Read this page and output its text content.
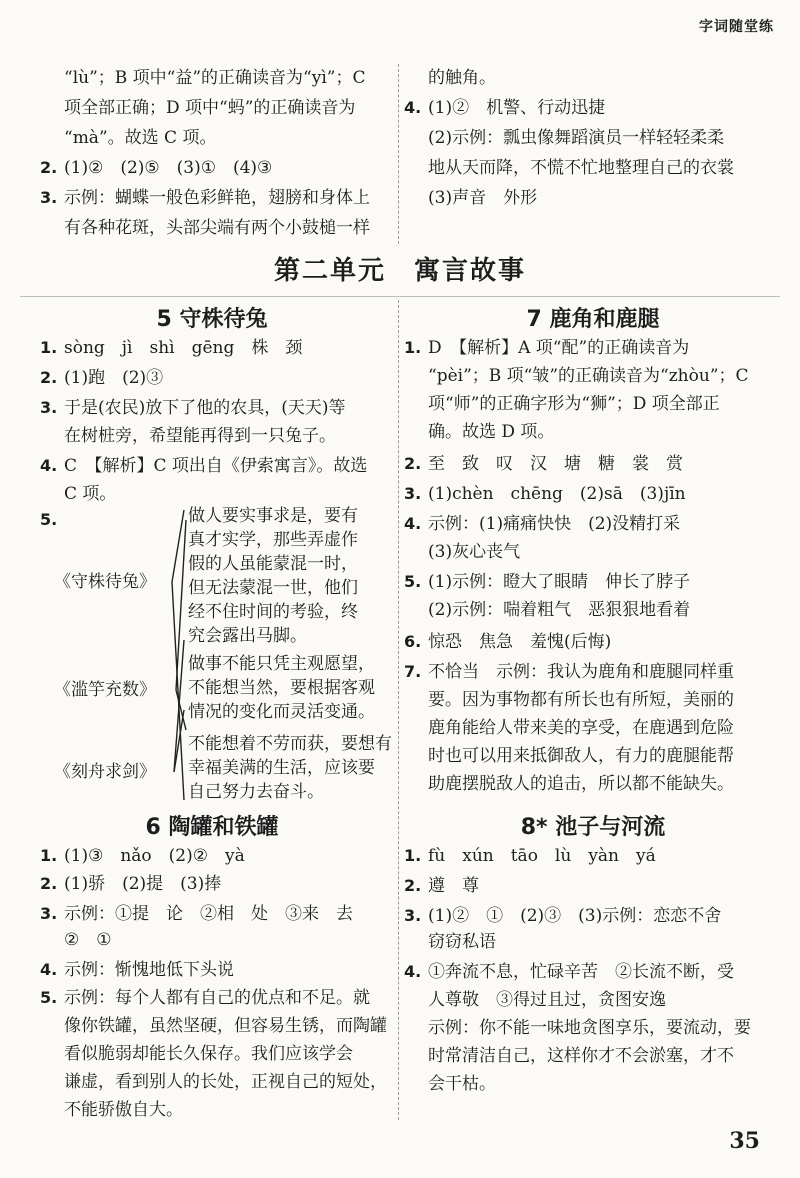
字词随堂练
“lù”；B 项中“益”的正确读音为“yì”；C
项全部正确；D 项中“蚂”的正确读音为
“mà”。故选 C 项。
2. (1)②　(2)⑤　(3)①　(4)③
3. 示例：蝴蝶一般色彩鲜艳，翅膀和身体上
有各种花斑，头部尖端有两个小鼓槌一样
的触角。
4. (1)②　机警、行动迅捷
(2)示例：瓢虫像舞蹈演员一样轻轻柔柔
地从天而降，不慌不忙地整理自己的衣裳
(3)声音　外形
第二单元　寓言故事
5 守株待兔
1. sòng　jì　shì　gēng　株　颈
2. (1)跑　(2)③
3. 于是(农民)放下了他的农具，(天天)等
在树桩旁，希望能再得到一只兔子。
4. C　【解析】C 项出自《伊索寓言》。故选
C 项。
5.
《守株待兔》
《滥竽充数》
《刻舟求剑》
做人要实事求是，要有
真才实学，那些弄虚作
假的人虽能蒙混一时，
但无法蒙混一世，他们
经不住时间的考验，终
究会露出马脚。
做事不能只凭主观愿望，
不能想当然，要根据客观
情况的变化而灵活变通。
不能想着不劳而获，要想有
幸福美满的生活，应该要
自己努力去奋斗。
6 陶罐和铁罐
1. (1)③　nǎo　(2)②　yà
2. (1)骄　(2)提　(3)捧
3. 示例：①提　论　②相　处　③来　去
②　①
4. 示例：惭愧地低下头说
5. 示例：每个人都有自己的优点和不足。就
像你铁罐，虽然坚硬，但容易生锈，而陶罐
看似脆弱却能长久保存。我们应该学会
谦虚，看到别人的长处，正视自己的短处，
不能骄傲自大。
7 鹿角和鹿腿
1. D　【解析】A 项“配”的正确读音为
“pèi”；B 项“皱”的正确读音为“zhòu”；C
项“师”的正确字形为“狮”；D 项全部正
确。故选 D 项。
2. 至　致　叹　汉　塘　糖　裳　赏
3. (1)chèn　chēng　(2)sā　(3)jīn
4. 示例：(1)痛痛快快　(2)没精打采
(3)灰心丧气
5. (1)示例：瞪大了眼睛　伸长了脖子
(2)示例：喘着粗气　恶狠狠地看着
6. 惊恐　焦急　羞愧(后悔)
7. 不恰当　示例：我认为鹿角和鹿腿同样重
要。因为事物都有所长也有所短，美丽的
鹿角能给人带来美的享受，在鹿遇到危险
时也可以用来抵御敌人，有力的鹿腿能帮
助鹿摆脱敌人的追击，所以都不能缺失。
8* 池子与河流
1. fù　xún　tāo　lù　yàn　yá
2. 遵　尊
3. (1)②　①　(2)③　(3)示例：恋恋不舍
窃窃私语
4. ①奔流不息，忙碌辛苦　②长流不断，受
人尊敬　③得过且过，贪图安逸
示例：你不能一味地贪图享乐，要流动，要
时常清洁自己，这样你才不会淤塞，才不
会干枯。
35
